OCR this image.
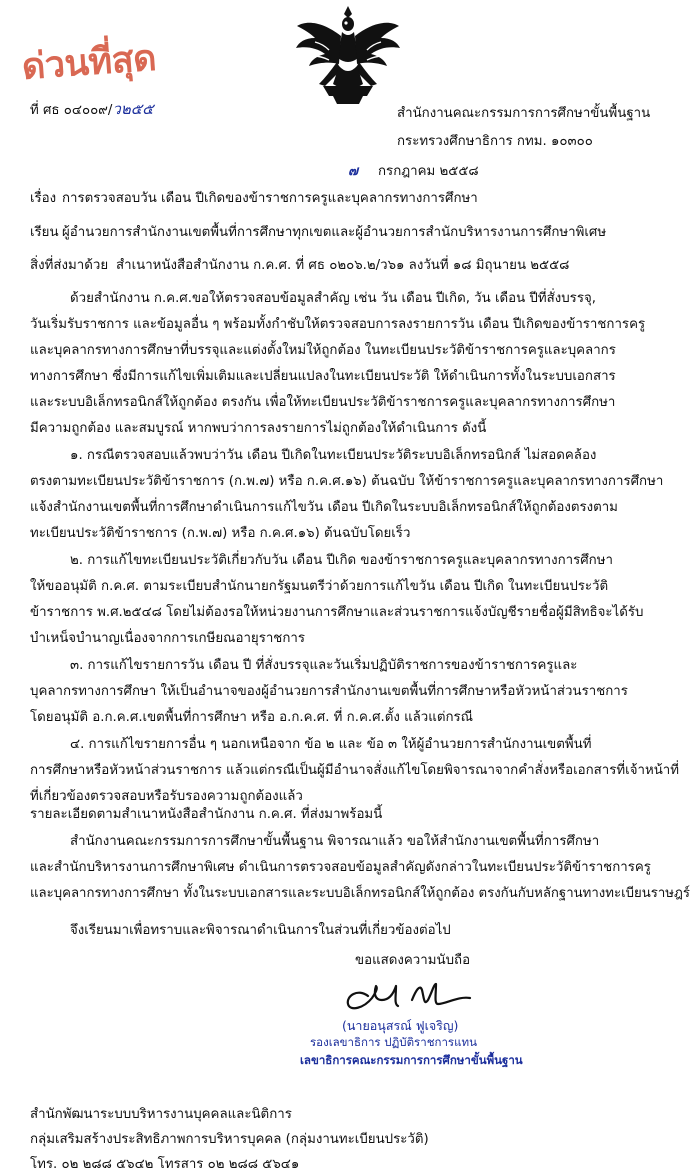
ด่วนที่สุด
ที่ ศธ ๐๔๐๐๙/ว๒๕๕	สำนักงานคณะกรรมการการศึกษาขั้นพื้นฐาน
กระทรวงศึกษาธิการ กทม. ๑๐๓๐๐
๗ กรกฎาคม ๒๕๕๘
เรื่อง การตรวจสอบวัน เดือน ปีเกิดของข้าราชการครูและบุคลากรทางการศึกษา
เรียน ผู้อำนวยการสำนักงานเขตพื้นที่การศึกษาทุกเขตและผู้อำนวยการสำนักบริหารงานการศึกษาพิเศษ
สิ่งที่ส่งมาด้วย สำเนาหนังสือสำนักงาน ก.ค.ศ. ที่ ศธ ๐๒๐๖.๒/ว๖๑ ลงวันที่ ๑๘ มิถุนายน ๒๕๕๘
ด้วยสำนักงาน ก.ค.ศ.ขอให้ตรวจสอบข้อมูลสำคัญ เช่น วัน เดือน ปีเกิด, วัน เดือน ปีที่สั่งบรรจุ,
วันเริ่มรับราชการ และข้อมูลอื่น ๆ พร้อมทั้งกำชับให้ตรวจสอบการลงรายการวัน เดือน ปีเกิดของข้าราชการครู
และบุคลากรทางการศึกษาที่บรรจุและแต่งตั้งใหม่ให้ถูกต้อง ในทะเบียนประวัติข้าราชการครูและบุคลากร
ทางการศึกษา ซึ่งมีการแก้ไขเพิ่มเติมและเปลี่ยนแปลงในทะเบียนประวัติ ให้ดำเนินการทั้งในระบบเอกสาร
และระบบอิเล็กทรอนิกส์ให้ถูกต้อง ตรงกัน เพื่อให้ทะเบียนประวัติข้าราชการครูและบุคลากรทางการศึกษา
มีความถูกต้อง และสมบูรณ์ หากพบว่าการลงรายการไม่ถูกต้องให้ดำเนินการ ดังนี้
๑. กรณีตรวจสอบแล้วพบว่าวัน เดือน ปีเกิดในทะเบียนประวัติระบบอิเล็กทรอนิกส์ ไม่สอดคล้อง
ตรงตามทะเบียนประวัติข้าราชการ (ก.พ.๗) หรือ ก.ค.ศ.๑๖) ต้นฉบับ ให้ข้าราชการครูและบุคลากรทางการศึกษา
แจ้งสำนักงานเขตพื้นที่การศึกษาดำเนินการแก้ไขวัน เดือน ปีเกิดในระบบอิเล็กทรอนิกส์ให้ถูกต้องตรงตาม
ทะเบียนประวัติข้าราชการ (ก.พ.๗) หรือ ก.ค.ศ.๑๖) ต้นฉบับโดยเร็ว
๒. การแก้ไขทะเบียนประวัติเกี่ยวกับวัน เดือน ปีเกิด ของข้าราชการครูและบุคลากรทางการศึกษา
ให้ขออนุมัติ ก.ค.ศ. ตามระเบียบสำนักนายกรัฐมนตรีว่าด้วยการแก้ไขวัน เดือน ปีเกิด ในทะเบียนประวัติ
ข้าราชการ พ.ศ.๒๕๔๘ โดยไม่ต้องรอให้หน่วยงานการศึกษาและส่วนราชการแจ้งบัญชีรายชื่อผู้มีสิทธิจะได้รับ
บำเหน็จบำนาญเนื่องจากการเกษียณอายุราชการ
๓. การแก้ไขรายการวัน เดือน ปี ที่สั่งบรรจุและวันเริ่มปฏิบัติราชการของข้าราชการครูและ
บุคลากรทางการศึกษา ให้เป็นอำนาจของผู้อำนวยการสำนักงานเขตพื้นที่การศึกษาหรือหัวหน้าส่วนราชการ
โดยอนุมัติ อ.ก.ค.ศ.เขตพื้นที่การศึกษา หรือ อ.ก.ค.ศ. ที่ ก.ค.ศ.ตั้ง แล้วแต่กรณี
๔. การแก้ไขรายการอื่น ๆ นอกเหนือจาก ข้อ ๒ และ ข้อ ๓ ให้ผู้อำนวยการสำนักงานเขตพื้นที่
การศึกษาหรือหัวหน้าส่วนราชการ แล้วแต่กรณีเป็นผู้มีอำนาจสั่งแก้ไขโดยพิจารณาจากคำสั่งหรือเอกสารที่เจ้าหน้าที่
ที่เกี่ยวข้องตรวจสอบหรือรับรองความถูกต้องแล้ว
รายละเอียดตามสำเนาหนังสือสำนักงาน ก.ค.ศ. ที่ส่งมาพร้อมนี้
สำนักงานคณะกรรมการการศึกษาขั้นพื้นฐาน พิจารณาแล้ว ขอให้สำนักงานเขตพื้นที่การศึกษา
และสำนักบริหารงานการศึกษาพิเศษ ดำเนินการตรวจสอบข้อมูลสำคัญดังกล่าวในทะเบียนประวัติข้าราชการครู
และบุคลากรทางการศึกษา ทั้งในระบบเอกสารและระบบอิเล็กทรอนิกส์ให้ถูกต้อง ตรงกันกับหลักฐานทางทะเบียนราษฎร์
จึงเรียนมาเพื่อทราบและพิจารณาดำเนินการในส่วนที่เกี่ยวข้องต่อไป
ขอแสดงความนับถือ
(นายอนุสรณ์ ฟูเจริญ)
รองเลขาธิการ ปฏิบัติราชการแทน
เลขาธิการคณะกรรมการการศึกษาขั้นพื้นฐาน
สำนักพัฒนาระบบบริหารงานบุคคลและนิติการ
กลุ่มเสริมสร้างประสิทธิภาพการบริหารบุคคล (กลุ่มงานทะเบียนประวัติ)
โทร. ๐๒ ๒๘๘ ๕๖๔๒ โทรสาร ๐๒ ๒๘๘ ๕๖๔๑
